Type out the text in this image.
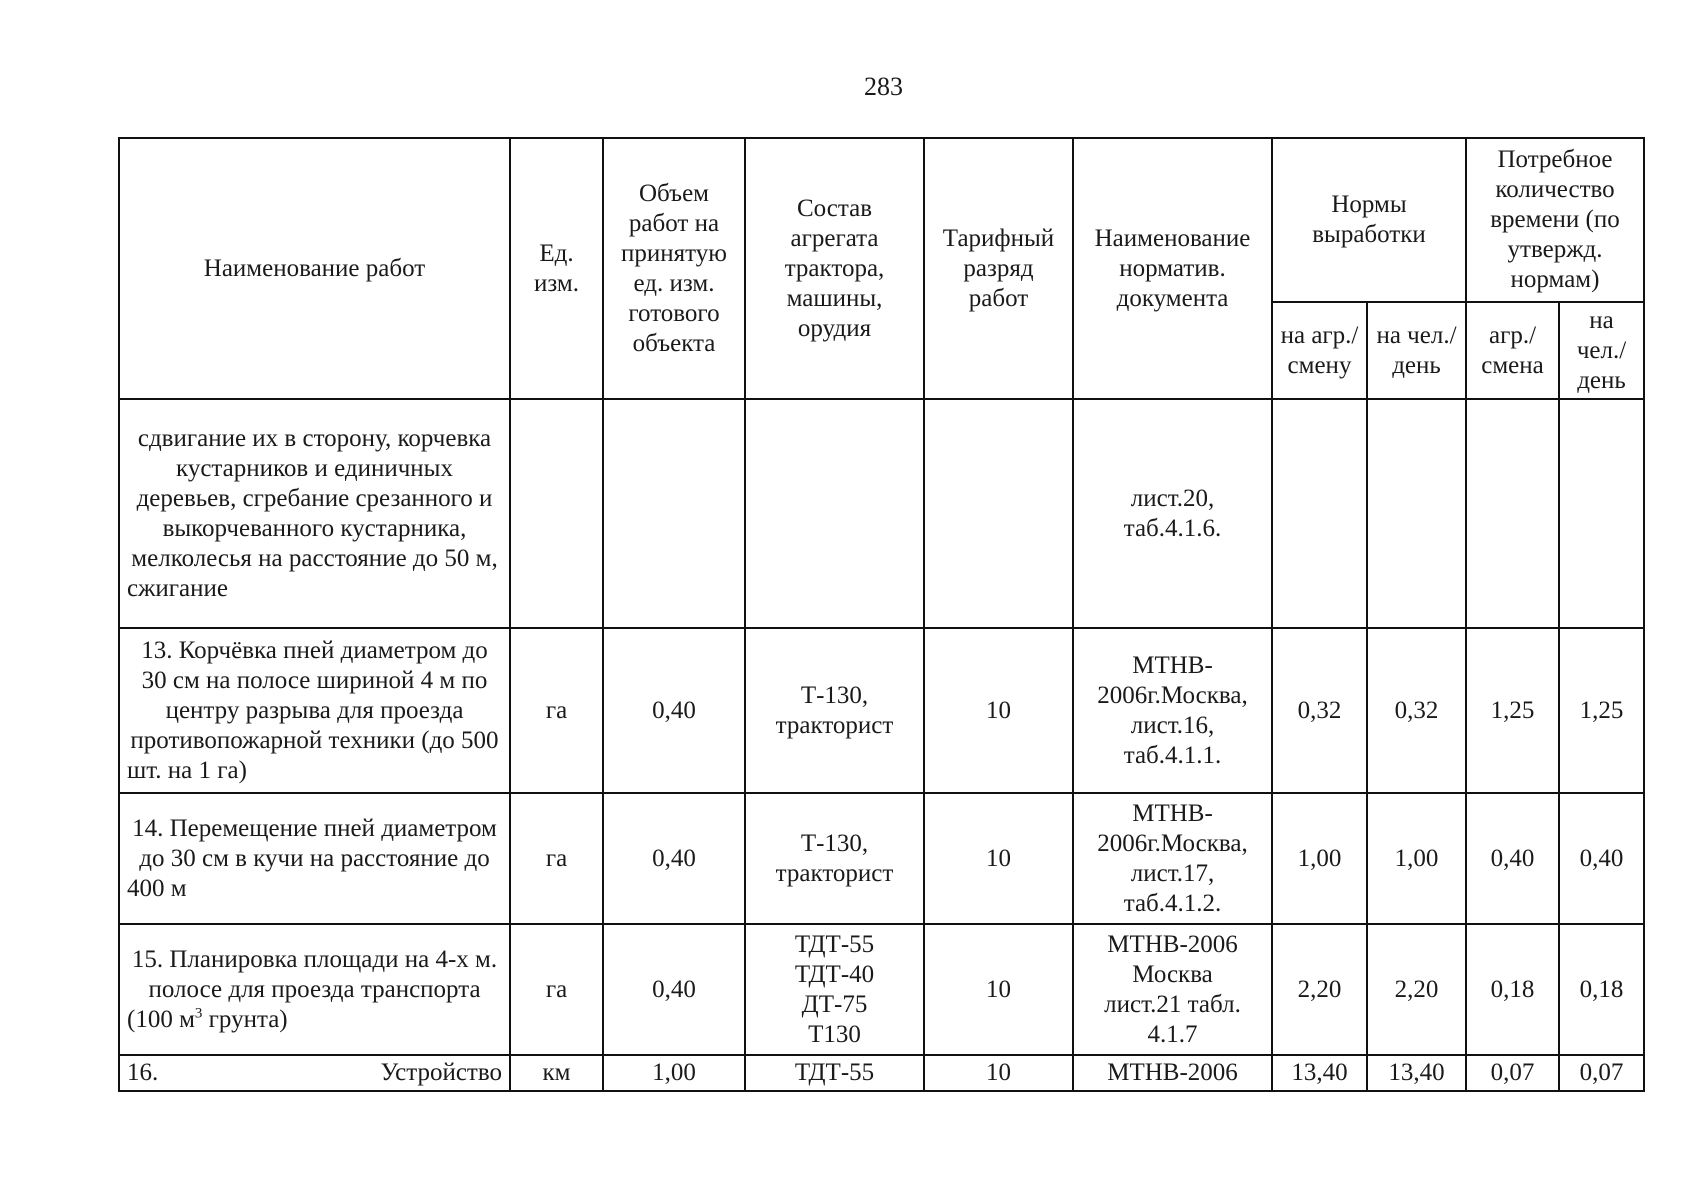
283
Наименование работ	Ед. изм.	Объем работ на принятую ед. изм. готового объекта	Состав агрегата трактора, машины, орудия	Тарифный разряд работ	Наименование норматив. документа	Нормы выработки		Потребное количество времени (по утвержд. нормам)	
						на агр./ смену	на чел./ день	агр./ смена	на чел./ день
сдвигание их в сторону, корчевка кустарников и единичных деревьев, сгребание срезанного и выкорчеванного кустарника, мелколесья на расстояние до 50 м, сжигание					лист.20,
таб.4.1.6.				

13. Корчёвка пней диаметром до 30 см на полосе шириной 4 м по центру разрыва для проезда противопожарной техники (до 500 шт. на 1 га)	га	0,40	Т-130,
тракторист	10	МТНВ-
2006г.Москва,
лист.16,
таб.4.1.1.	0,32	0,32	1,25	1,25
14. Перемещение пней диаметром до 30 см в кучи на расстояние до 400 м	га	0,40	Т-130,
тракторист	10	МТНВ-
2006г.Москва,
лист.17,
таб.4.1.2.	1,00	1,00	0,40	0,40
15. Планировка площади на 4-х м. полосе для проезда транспорта (100 $м^3$ грунта)	га	0,40	ТДТ-55
ТДТ-40
ДТ-75
Т130	10	МТНВ-2006
Москва
лист.21 табл.
4.1.7	2,20	2,20	0,18	0,18
16. Устройство	км	1,00	ТДТ-55	10	МТНВ-2006	13,40	13,40	0,07	0,07
